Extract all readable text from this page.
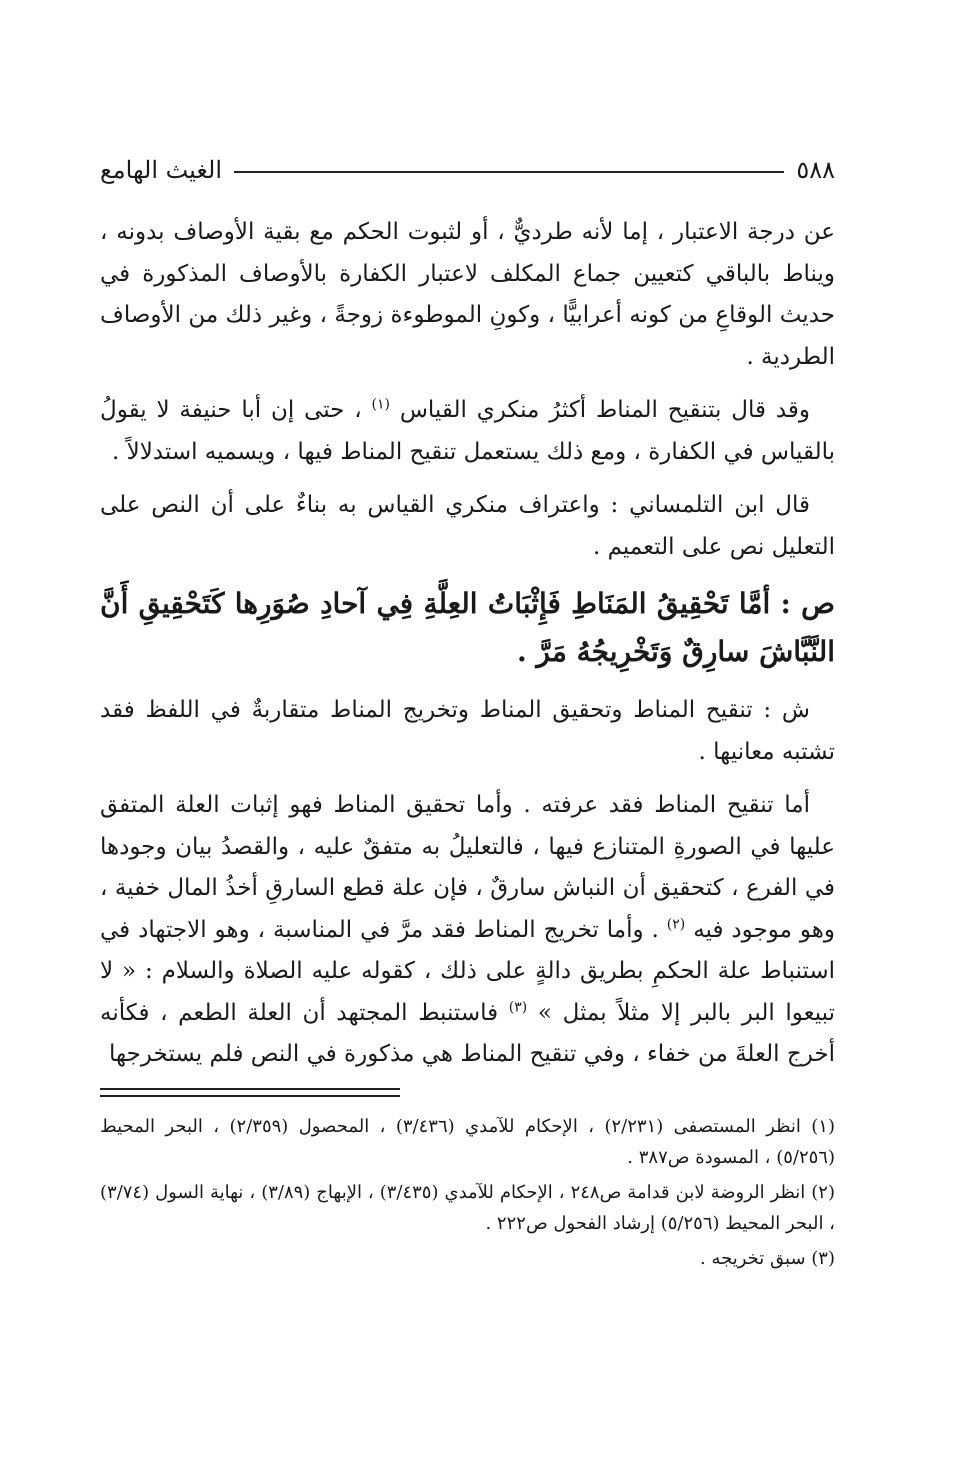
٥٨٨
الغيث الهامع

عن درجة الاعتبار ، إما لأنه طرديٌّ ، أو لثبوت الحكم مع بقية الأوصاف بدونه ، ويناط بالباقي كتعيين جماع المكلف لاعتبار الكفارة بالأوصاف المذكورة في حديث الوقاعِ من كونه أعرابيًّا ، وكونِ الموطوءة زوجةً ، وغير ذلك من الأوصاف الطردية .

وقد قال بتنقيح المناط أكثرُ منكري القياس $^{(١)}$ ، حتى إن أبا حنيفة لا يقولُ بالقياس في الكفارة ، ومع ذلك يستعمل تنقيح المناط فيها ، ويسميه استدلالاً .

قال ابن التلمساني : واعتراف منكري القياس به بناءٌ على أن النص على التعليل نص على التعميم .

ص : أمَّا تَحْقِيقُ المَنَاطِ فَإِثْبَاتُ العِلَّةِ فِي آحادِ صُوَرِها كَتَحْقِيقِ أَنَّ النَّبَّاشَ سارِقٌ وَتَخْرِيجُهُ مَرَّ .

ش : تنقيح المناط وتحقيق المناط وتخريج المناط متقاربةٌ في اللفظ فقد تشتبه معانيها .

أما تنقيح المناط فقد عرفته . وأما تحقيق المناط فهو إثبات العلة المتفق عليها في الصورةِ المتنازع فيها ، فالتعليلُ به متفقٌ عليه ، والقصدُ بيان وجودها في الفرع ، كتحقيق أن النباش سارقٌ ، فإن علة قطع السارقِ أخذُ المال خفية ، وهو موجود فيه $^{(٢)}$ . وأما تخريج المناط فقد مرَّ في المناسبة ، وهو الاجتهاد في استنباط علة الحكمِ بطريق دالةٍ على ذلك ، كقوله عليه الصلاة والسلام : « لا تبيعوا البر بالبر إلا مثلاً بمثل » $^{(٣)}$ فاستنبط المجتهد أن العلة الطعم ، فكأنه أخرج العلةَ من خفاء ، وفي تنقيح المناط هي مذكورة في النص فلم يستخرجها

(١) انظر المستصفى (٢/٢٣١) ، الإحكام للآمدي (٣/٤٣٦) ، المحصول (٢/٣٥٩) ، البحر المحيط (٥/٢٥٦) ، المسودة ص٣٨٧ .

(٢) انظر الروضة لابن قدامة ص٢٤٨ ، الإحكام للآمدي (٣/٤٣٥) ، الإبهاج (٣/٨٩) ، نهاية السول (٣/٧٤) ، البحر المحيط (٥/٢٥٦) إرشاد الفحول ص٢٢٢ .

(٣) سبق تخريجه .
